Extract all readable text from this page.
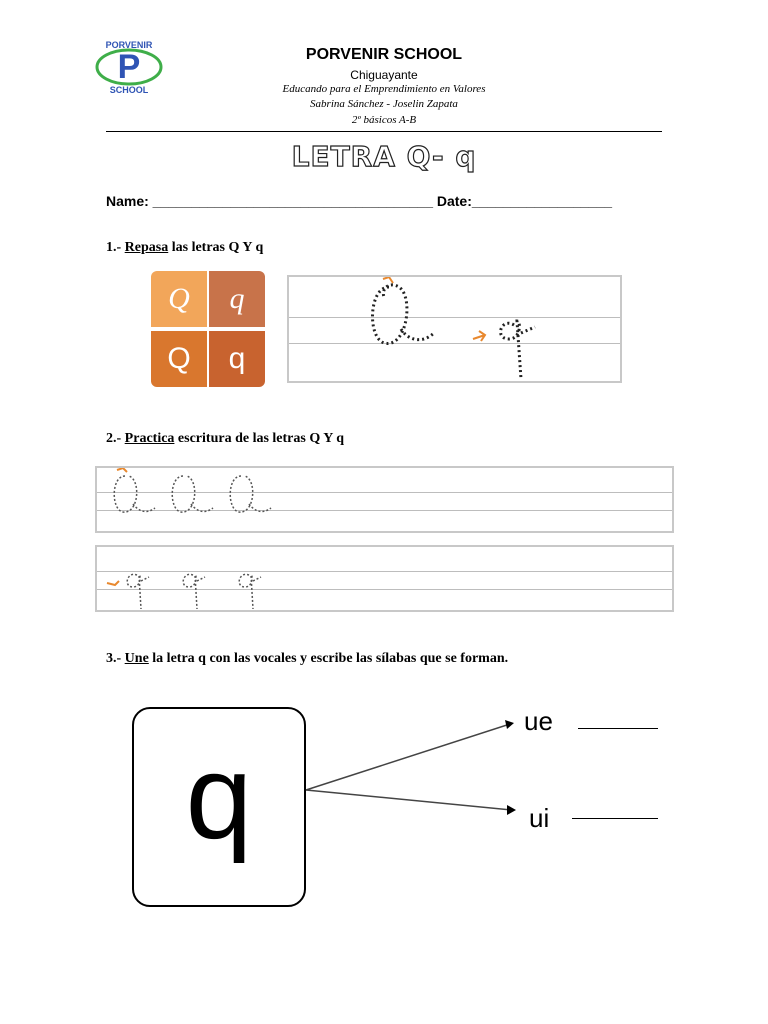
P
PORVENIR
SCHOOL
PORVENIR SCHOOL
Chiguayante
Educando para el Emprendimiento en Valores
Sabrina Sánchez - Joselin Zapata
2º básicos A-B
LETRA Q- q
Name: ____________________________________ Date:__________________
1.- Repasa las letras Q Y q
Q	q
Q	q
2.- Practica escritura de las letras Q Y q
3.- Une la letra q con las vocales y escribe las sílabas que se forman.
q
ue
ui
